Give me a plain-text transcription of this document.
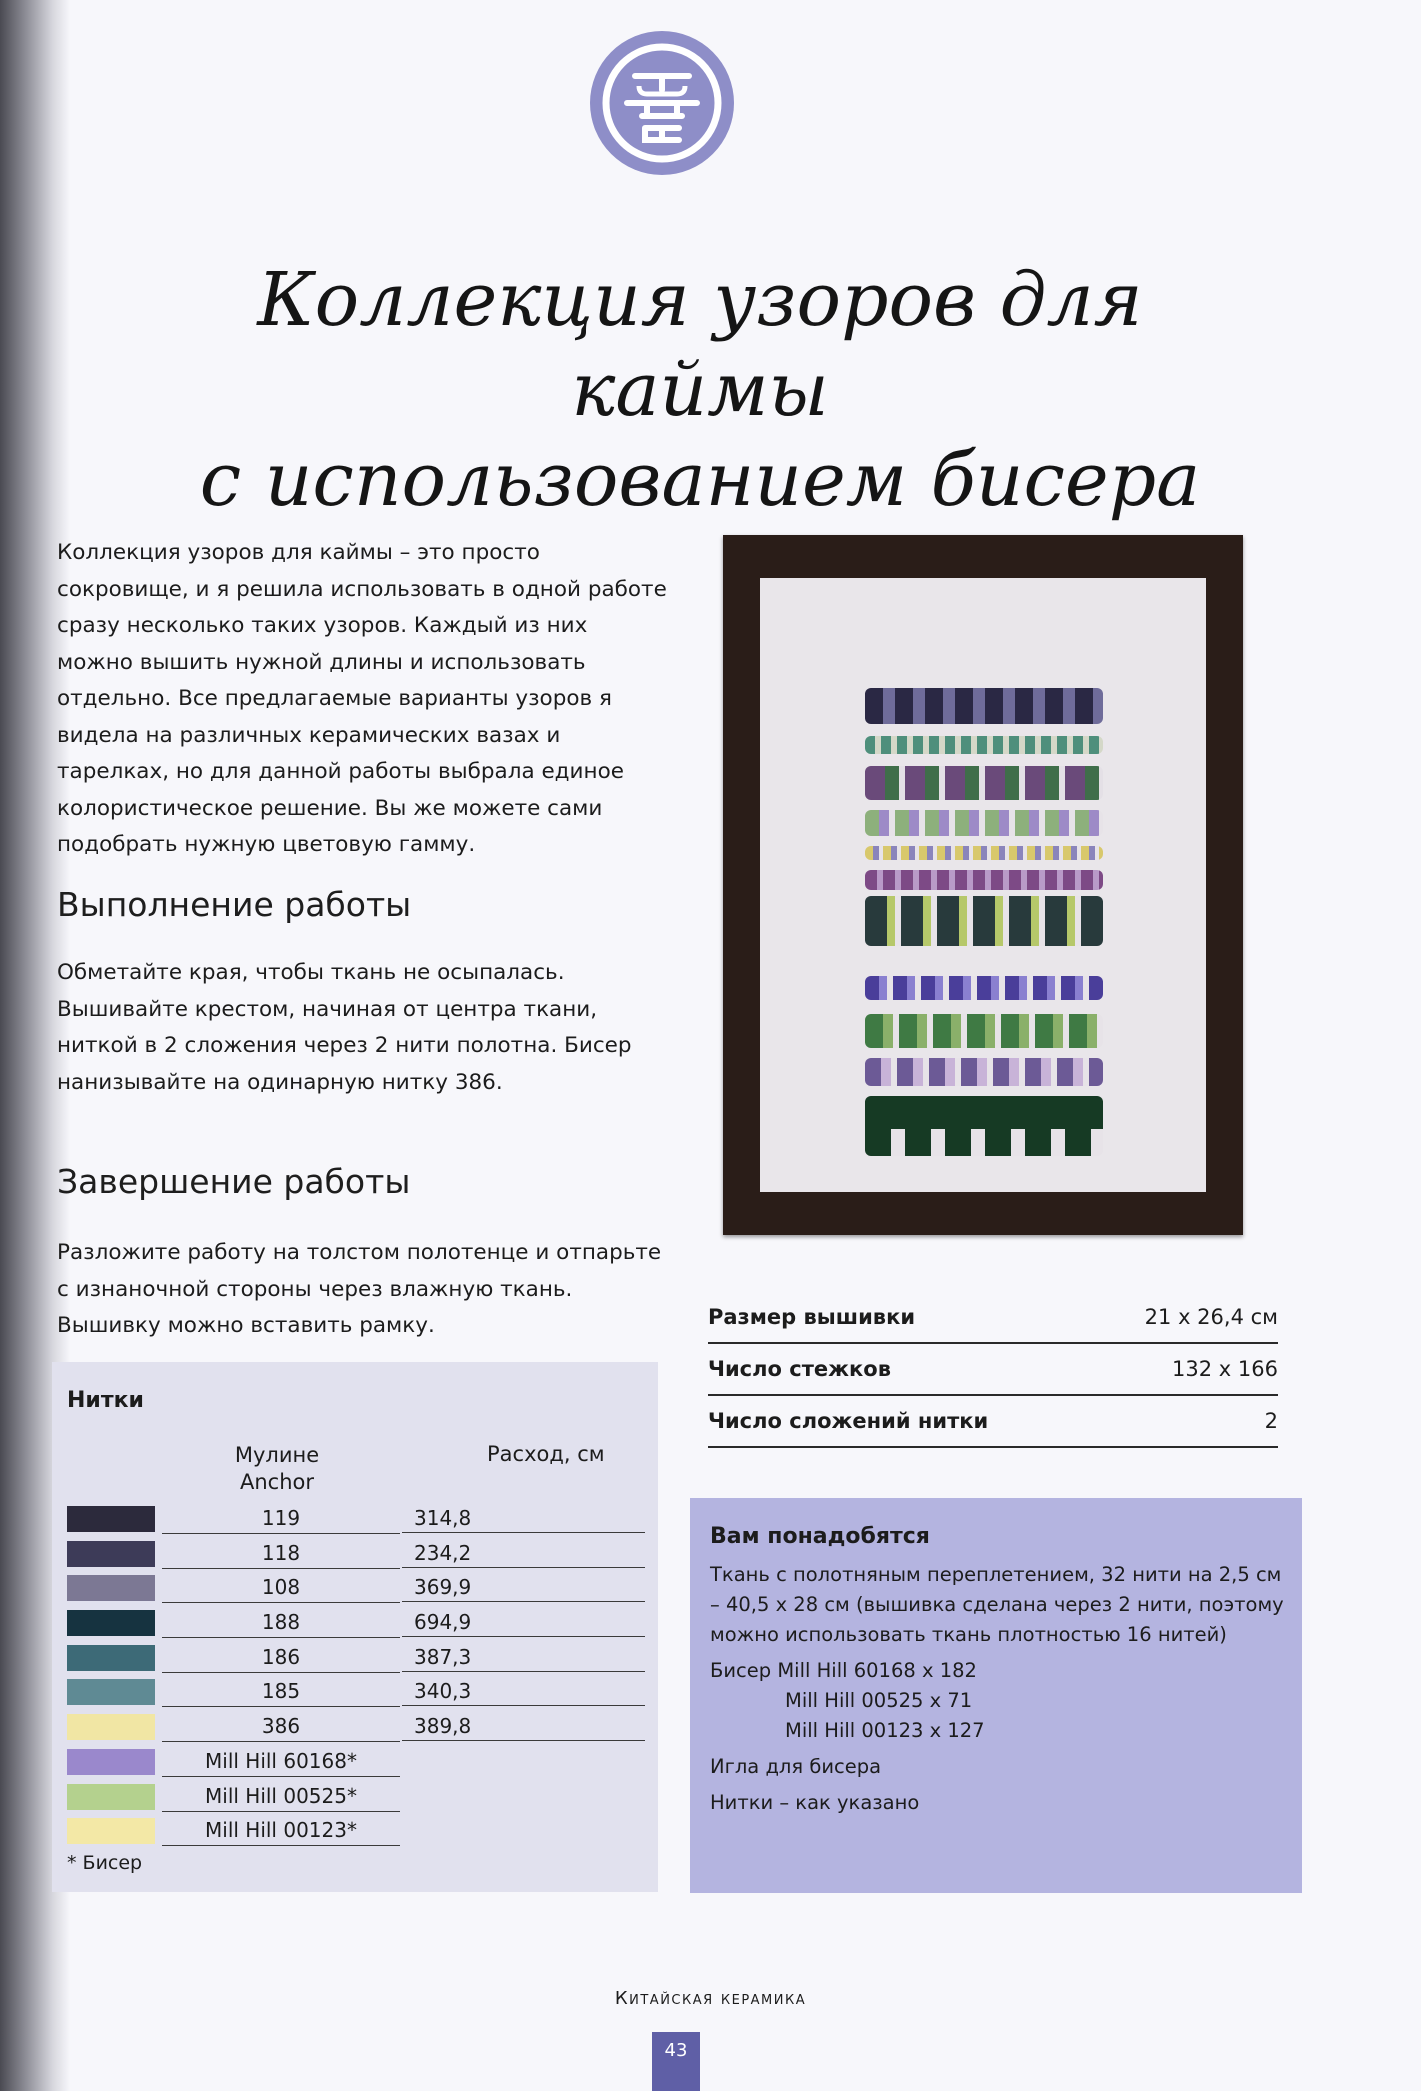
Коллекция узоров для каймы
с использованием бисера

Коллекция узоров для каймы – это просто сокровище, и я решила использовать в одной работе сразу несколько таких узоров. Каждый из них можно вышить нужной длины и использовать отдельно. Все предлагаемые варианты узоров я видела на различных керамических вазах и тарелках, но для данной работы выбрала единое колористическое решение. Вы же можете сами подобрать нужную цветовую гамму.

Выполнение работы

Обметайте края, чтобы ткань не осыпалась. Вышивайте крестом, начиная от центра ткани, ниткой в 2 сложения через 2 нити полотна. Бисер нанизывайте на одинарную нитку 386.

Завершение работы

Разложите работу на толстом полотенце и отпарьте с изнаночной стороны через влажную ткань. Вышивку можно вставить рамку.	Размер вышивки	21 х 26,4 см
Число стежков	132 х 166
Число сложений нитки	2
Нитки
Мулине Anchor
Расход, см
119	314,8
118	234,2
108	369,9
188	694,9
186	387,3
185	340,3
386	389,8
Mill Hill 60168*
Mill Hill 00525*
Mill Hill 00123*
* Бисер
Вам понадобятся

Ткань с полотняным переплетением, 32 нити на 2,5 см – 40,5 х 28 см (вышивка сделана через 2 нити, поэтому можно использовать ткань плотностью 16 нитей)

Бисер Mill Hill 60168 х 182

Mill Hill 00525 х 71

Mill Hill 00123 х 127

Игла для бисера

Нитки – как указано

Китайская керамика
43
